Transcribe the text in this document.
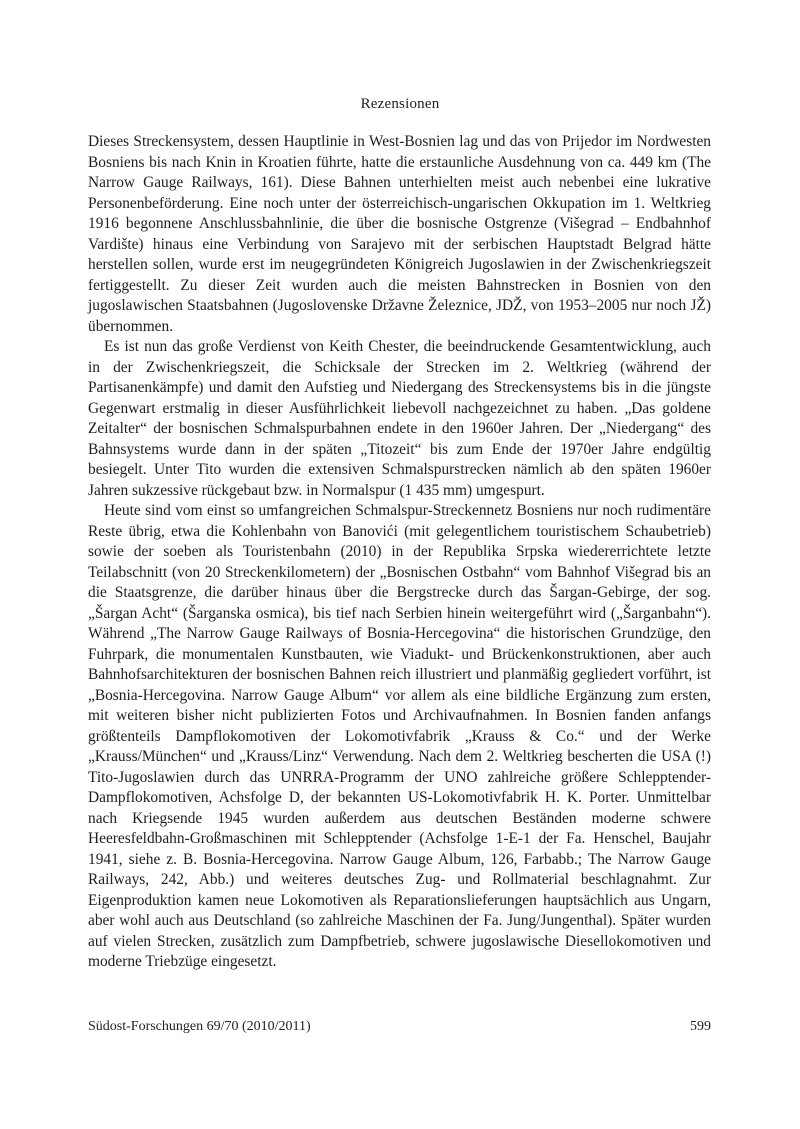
Rezensionen

Dieses Streckensystem, dessen Hauptlinie in West-Bosnien lag und das von Prijedor im Nordwesten Bosniens bis nach Knin in Kroatien führte, hatte die erstaunliche Ausdehnung von ca. 449 km (The Narrow Gauge Railways, 161). Diese Bahnen unterhielten meist auch nebenbei eine lukrative Personenbeförderung. Eine noch unter der österreichisch-ungarischen Okkupation im 1. Weltkrieg 1916 begonnene Anschlussbahnlinie, die über die bosnische Ostgrenze (Višegrad – Endbahnhof Vardište) hinaus eine Verbindung von Sarajevo mit der serbischen Hauptstadt Belgrad hätte herstellen sollen, wurde erst im neugegründeten Königreich Jugoslawien in der Zwischenkriegszeit fertiggestellt. Zu dieser Zeit wurden auch die meisten Bahnstrecken in Bosnien von den jugoslawischen Staatsbahnen (Jugoslovenske Državne Železnice, JDŽ, von 1953–2005 nur noch JŽ) übernommen.

Es ist nun das große Verdienst von Keith Chester, die beeindruckende Gesamtentwicklung, auch in der Zwischenkriegszeit, die Schicksale der Strecken im 2. Weltkrieg (während der Partisanenkämpfe) und damit den Aufstieg und Niedergang des Streckensystems bis in die jüngste Gegenwart erstmalig in dieser Ausführlichkeit liebevoll nachgezeichnet zu haben. „Das goldene Zeitalter“ der bosnischen Schmalspurbahnen endete in den 1960er Jahren. Der „Niedergang“ des Bahnsystems wurde dann in der späten „Titozeit“ bis zum Ende der 1970er Jahre endgültig besiegelt. Unter Tito wurden die extensiven Schmalspurstrecken nämlich ab den späten 1960er Jahren sukzessive rückgebaut bzw. in Normalspur (1 435 mm) umgespurt.

Heute sind vom einst so umfangreichen Schmalspur-Streckennetz Bosniens nur noch rudimentäre Reste übrig, etwa die Kohlenbahn von Banovići (mit gelegentlichem touristischem Schaubetrieb) sowie der soeben als Touristenbahn (2010) in der Republika Srpska wiedererrichtete letzte Teilabschnitt (von 20 Streckenkilometern) der „Bosnischen Ostbahn“ vom Bahnhof Višegrad bis an die Staatsgrenze, die darüber hinaus über die Bergstrecke durch das Šargan-Gebirge, der sog. „Šargan Acht“ (Šarganska osmica), bis tief nach Serbien hinein weitergeführt wird („Šarganbahn“). Während „The Narrow Gauge Railways of Bosnia-Hercegovina“ die historischen Grundzüge, den Fuhrpark, die monumentalen Kunstbauten, wie Viadukt- und Brückenkonstruktionen, aber auch Bahnhofsarchitekturen der bosnischen Bahnen reich illustriert und planmäßig gegliedert vorführt, ist „Bosnia-Hercegovina. Narrow Gauge Album“ vor allem als eine bildliche Ergänzung zum ersten, mit weiteren bisher nicht publizierten Fotos und Archivaufnahmen. In Bosnien fanden anfangs größtenteils Dampflokomotiven der Lokomotivfabrik „Krauss & Co.“ und der Werke „Krauss/München“ und „Krauss/Linz“ Verwendung. Nach dem 2. Weltkrieg bescherten die USA (!) Tito-Jugoslawien durch das UNRRA-Programm der UNO zahlreiche größere Schlepptender-Dampflokomotiven, Achsfolge D, der bekannten US-Lokomotivfabrik H. K. Porter. Unmittelbar nach Kriegsende 1945 wurden außerdem aus deutschen Beständen moderne schwere Heeresfeldbahn-Großmaschinen mit Schlepptender (Achsfolge 1-E-1 der Fa. Henschel, Baujahr 1941, siehe z. B. Bosnia-Hercegovina. Narrow Gauge Album, 126, Farbabb.; The Narrow Gauge Railways, 242, Abb.) und weiteres deutsches Zug- und Rollmaterial beschlagnahmt. Zur Eigenproduktion kamen neue Lokomotiven als Reparationslieferungen hauptsächlich aus Ungarn, aber wohl auch aus Deutschland (so zahlreiche Maschinen der Fa. Jung/Jungenthal). Später wurden auf vielen Strecken, zusätzlich zum Dampfbetrieb, schwere jugoslawische Diesellokomotiven und moderne Triebzüge eingesetzt.

Südost-Forschungen 69/70 (2010/2011)	599
